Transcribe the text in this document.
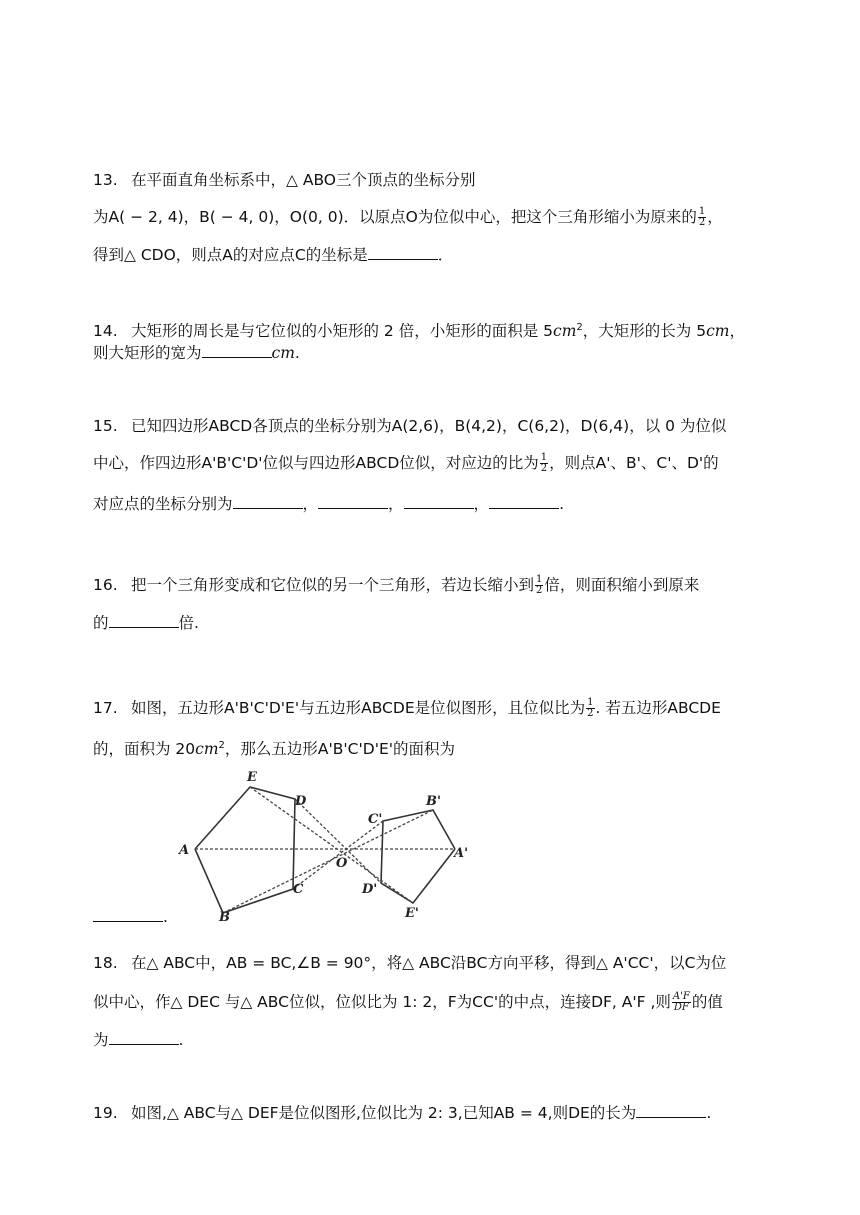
13. 在平面直角坐标系中，△ ABO三个顶点的坐标分别
为A( − 2, 4)，B( − 4, 0)，O(0, 0)．以原点O为位似中心，把这个三角形缩小为原来的 $\frac{1}{2}$ ，
得到△ CDO，则点A的对应点C的坐标是	．
14. 大矩形的周长是与它位似的小矩形的 2 倍，小矩形的面积是 $5cm^2$，大矩形的长为 5cm，
则大矩形的宽为	cm.
15. 已知四边形ABCD各顶点的坐标分别为A(2,6)，B(4,2)，C(6,2)，D(6,4)，以 0 为位似
中心，作四边形A'B'C'D'位似与四边形ABCD位似，对应边的比为 $\frac{1}{2}$ ，则点A'、B'、C'、D'的
对应点的坐标分别为	，	，	，	.
16. 把一个三角形变成和它位似的另一个三角形，若边长缩小到 $\frac{1}{2}$ 倍，则面积缩小到原来
的	倍.
17. 如图，五边形A'B'C'D'E'与五边形ABCDE是位似图形，且位似比为 $\frac{1}{2}$ . 若五边形ABCDE
的，面积为 $20cm^2$，那么五边形A'B'C'D'E'的面积为
E
D
A
C
B
O
C'
B'
A'
D'
E'
.
18. 在△ ABC中，AB = BC,∠B = 90°，将△ ABC沿BC方向平移，得到△ A'CC'，以C为位
似中心，作△ DEC 与△ ABC位似，位似比为 1: 2，F为CC'的中点，连接DF, A'F ,则 $\frac{A'F}{DF}$ 的值
为	.
19. 如图,△ ABC与△ DEF是位似图形,位似比为 2: 3,已知AB = 4,则DE的长为	.
